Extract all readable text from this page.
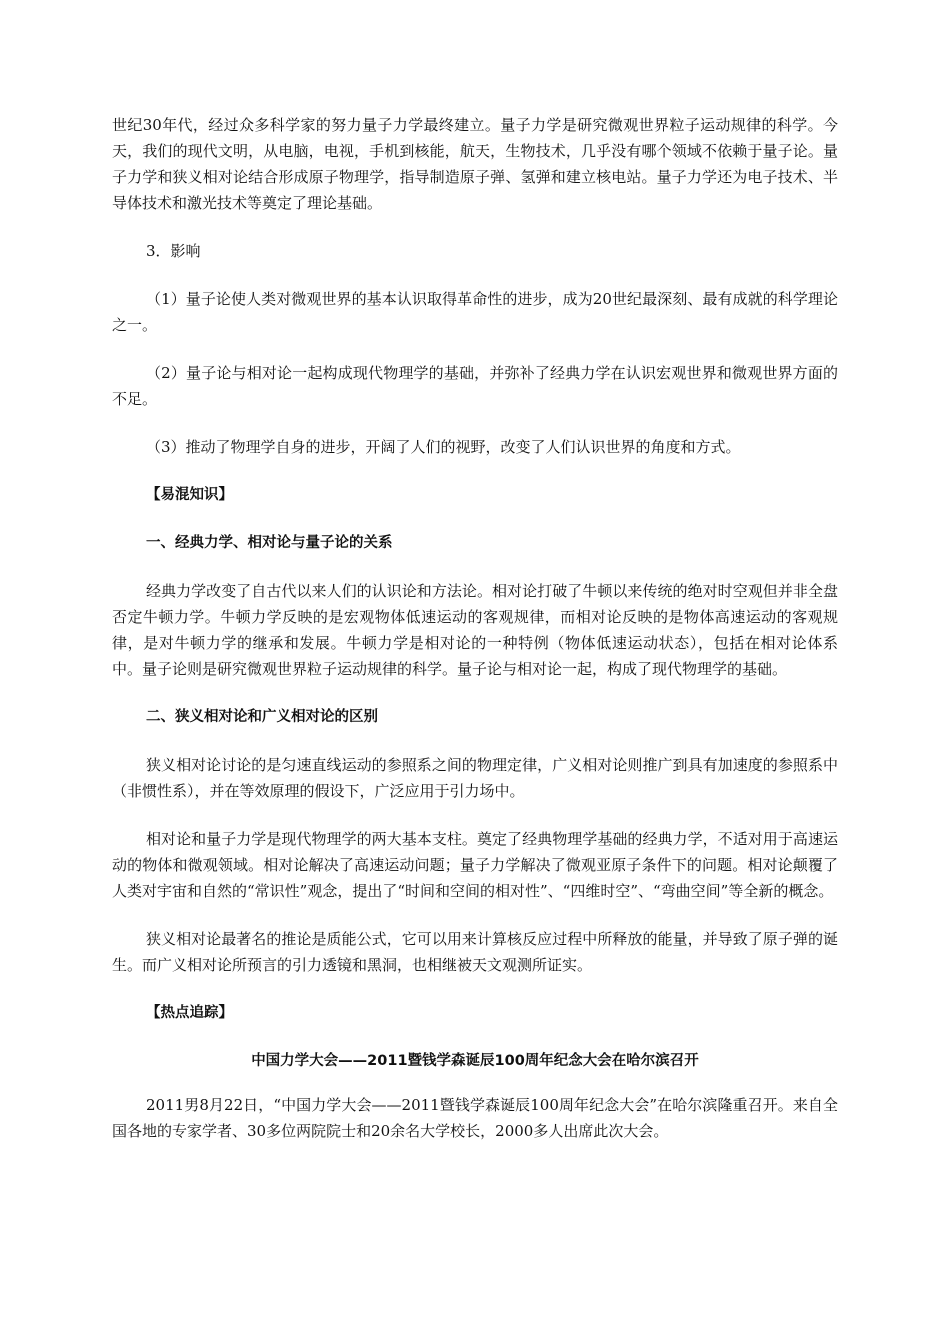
世纪30年代，经过众多科学家的努力量子力学最终建立。量子力学是研究微观世界粒子运动规律的科学。今天，我们的现代文明，从电脑，电视，手机到核能，航天，生物技术，几乎没有哪个领域不依赖于量子论。量子力学和狭义相对论结合形成原子物理学，指导制造原子弹、氢弹和建立核电站。量子力学还为电子技术、半导体技术和激光技术等奠定了理论基础。

3．影响

（1）量子论使人类对微观世界的基本认识取得革命性的进步，成为20世纪最深刻、最有成就的科学理论之一。

（2）量子论与相对论一起构成现代物理学的基础，并弥补了经典力学在认识宏观世界和微观世界方面的不足。

（3）推动了物理学自身的进步，开阔了人们的视野，改变了人们认识世界的角度和方式。

【易混知识】

一、经典力学、相对论与量子论的关系

经典力学改变了自古代以来人们的认识论和方法论。相对论打破了牛顿以来传统的绝对时空观但并非全盘否定牛顿力学。牛顿力学反映的是宏观物体低速运动的客观规律，而相对论反映的是物体高速运动的客观规律，是对牛顿力学的继承和发展。牛顿力学是相对论的一种特例（物体低速运动状态），包括在相对论体系中。量子论则是研究微观世界粒子运动规律的科学。量子论与相对论一起，构成了现代物理学的基础。

二、狭义相对论和广义相对论的区别

狭义相对论讨论的是匀速直线运动的参照系之间的物理定律，广义相对论则推广到具有加速度的参照系中（非惯性系），并在等效原理的假设下，广泛应用于引力场中。

相对论和量子力学是现代物理学的两大基本支柱。奠定了经典物理学基础的经典力学，不适对用于高速运动的物体和微观领域。相对论解决了高速运动问题；量子力学解决了微观亚原子条件下的问题。相对论颠覆了人类对宇宙和自然的“常识性”观念，提出了“时间和空间的相对性”、“四维时空”、“弯曲空间”等全新的概念。

狭义相对论最著名的推论是质能公式，它可以用来计算核反应过程中所释放的能量，并导致了原子弹的诞生。而广义相对论所预言的引力透镜和黑洞，也相继被天文观测所证实。

【热点追踪】

中国力学大会——2011暨钱学森诞辰100周年纪念大会在哈尔滨召开

2011男8月22日，“中国力学大会——2011暨钱学森诞辰100周年纪念大会”在哈尔滨隆重召开。来自全国各地的专家学者、30多位两院院士和20余名大学校长，2000多人出席此次大会。
